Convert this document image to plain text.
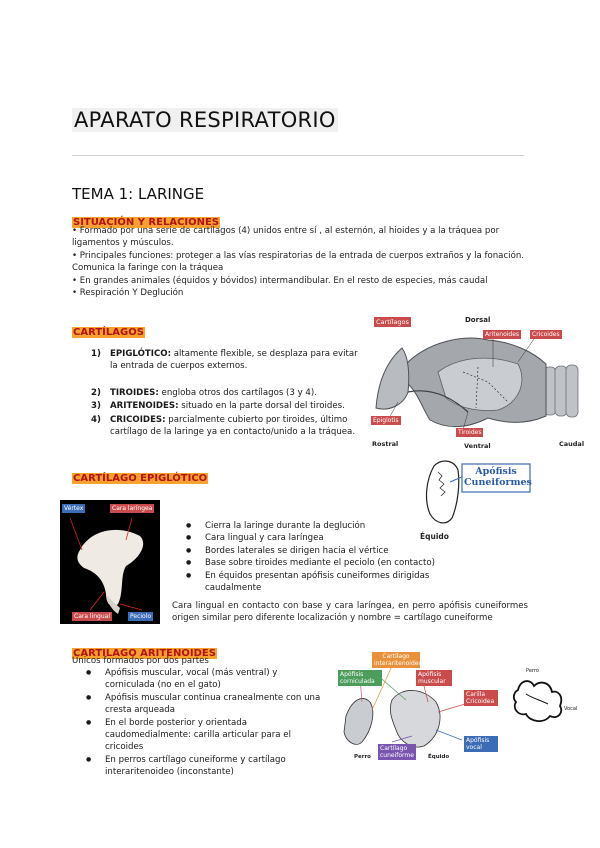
APARATO RESPIRATORIO
TEMA 1: LARINGE
SITUACIÓN Y RELACIONES
• Formado por una serie de cartílagos (4) unidos entre sí , al esternón, al hioides y a la tráquea por ligamentos y músculos.
• Principales funciones: proteger a las vías respiratorias de la entrada de cuerpos extraños y la fonación. Comunica la faringe con la tráquea
• En grandes animales (équidos y bóvidos) intermandibular. En el resto de especies, más caudal
• Respiración Y Deglución
CARTÍLAGOS
1) EPIGLÓTICO: altamente flexible, se desplaza para evitar la entrada de cuerpos externos.
2) TIROIDES: engloba otros dos cartílagos (3 y 4).
3) ARITENOIDES: situado en la parte dorsal del tiroides.
4) CRICOIDES: parcialmente cubierto por tiroides, último cartílago de la laringe ya en contacto/unido a la tráquea.
Cartílagos	Dorsal
Aritenoides	Cricoides
Epiglotis
Tiroides
Rostral	Ventral	Caudal
CARTÍLAGO EPIGLÓTICO
Vértex	Cara laríngea
Cara lingual	Peciolo
Apófisis Cuneiformes
Équido
● Cierra la laringe durante la deglución
● Cara lingual y cara laríngea
● Bordes laterales se dirigen hacia el vértice
● Base sobre tiroides mediante el peciolo (en contacto)
● En équidos presentan apófisis cuneiformes dirigidas caudalmente
Cara lingual en contacto con base y cara laríngea, en perro apófisis cuneiformes origen similar pero diferente localización y nombre = cartílago cuneiforme
CARTILAGO ARITENOIDES
Únicos formados por dos partes
● Apófisis muscular, vocal (más ventral) y corniculada (no en el gato)
● Apófisis muscular continua cranealmente con una cresta arqueada
● En el borde posterior y orientada caudomedialmente: carilla articular para el cricoides
● En perros cartílago cuneiforme y cartílago interaritenoideo (inconstante)
Cartílago interaritenoideo
Apófisis corniculada
Apófisis muscular
Carilla Cricoidea
Apófisis vocal
Cartílago cuneiforme
Perro	Équido
Perro
Vocal
